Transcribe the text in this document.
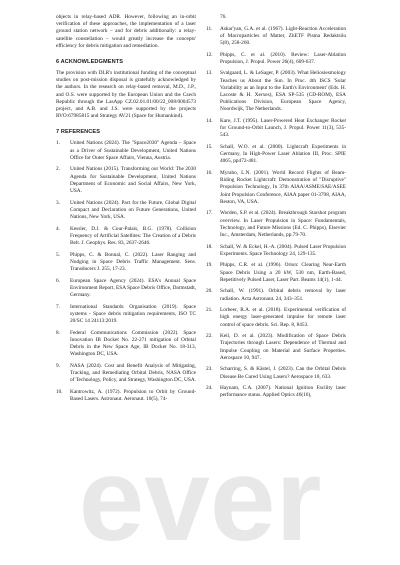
ever

objects in relay-based ADR. However, following an in-orbit verification of these approaches, the implementation of a laser ground station network – and for debris additionally: a relay-satellite constellation – would greatly increase the concepts' efficiency for debris mitigation and remediation.

6 ACKNOWLEDGMENTS

The provision with DLR's institutional funding of the conceptual studies on post-mission disposal is gratefully acknowledged by the authors. In the research on relay-based removal, M.D., J.P., and O.S. were supported by the European Union and the Czech Republic through the LasApp CZ.02.01.01/00/22_008/0004573 project, and A.B. and J.S. were supported by the projects RVO:67985815 and Strategy AV21 (Space for Humankind).

7 REFERENCES
1.	United Nations (2024). The "Space2030" Agenda – Space as a Driver of Sustainable Development, United Nations Office for Outer Space Affairs, Vienna, Austria.
2.	United Nations (2015). Transforming our World: The 2030 Agenda for Sustainable Development, United Nations Department of Economic and Social Affairs, New York, USA.
3.	United Nations (2024). Pact for the Future, Global Digital Compact and Declaration on Future Generations, United Nations, New York, USA.
4.	Kessler, D.J. & Cour-Palais, B.G. (1978). Collision Frequency of Artificial Satellites: The Creation of a Debris Belt. J. Geophys. Res. 83, 2637-2646.
5.	Phipps, C. & Bonnal, C. (2022). Laser Ranging and Nudging in Space Debris Traffic Management. Sens. Transducers J. 255, 17-23.
6.	European Space Agency (2024). ESA's Annual Space Environment Report, ESA Space Debris Office, Darmstadt, Germany.
7.	International Standards Organisation (2019). Space systems - Space debris mitigation requirements, ISO TC 20/SC 14 24113:2019.
8.	Federal Communications Commission (2022). Space Innovation IB Docket No. 22-271 mitigation of Orbital Debris in the New Space Age, IB Docket No. 18-313, Washington DC, USA.
9.	NASA (2024). Cost and Benefit Analysis of Mitigating, Tracking, and Remediating Orbital Debris, NASA Office of Technology, Policy, and Strategy, Washington DC, USA.
10.	Kantrowitz, A. (1972). Propulsion to Orbit by Ground-Based Lasers. Astronaut. Aeronaut. 10(5), 74-
76.
11.	Askar'yan, G.A. et al. (1967). Light-Reaction Acceleration of Macroparticles of Matter, ZhETF Pisma Redaktsiiu 5(8), 258-260.
12.	Phipps, C. et al. (2010). Review: Laser-Ablation Propulsion, J. Propul. Power 26(4), 609-637.
13.	Svalgaard, L. & LeSager, P. (2003). What Heliosiesmology Teaches us About the Sun. In Proc. 4th ISCS 'Solar Variability as an Input to the Earth's Environment' (Eds. H. Lacoste & H. Xerxes), ESA SP-535 (CD-ROM), ESA Publications Division, European Space Agency, Noordwijk, The Netherlands.
14.	Kare, J.T. (1995). Laser-Powered Heat Exchanger Rocket for Ground-to-Orbit Launch, J. Propul. Power 11(3), 535-543.
15.	Schall, W.O. et al. (2000). Lightcraft Experiments in Germany, In High-Power Laser Ablation III, Proc. SPIE 4065, pp472-481.
16.	Myrabo, L.N. (2001). World Record Flights of Beam-Riding Rocket Lightcraft: Demonstration of "Disruptive" Propulsion Technology, In 37th AIAA/ASME/SAE/ASEE Joint Propulsion Conference, AIAA paper 01-3798, AIAA, Reston, VA, USA.
17.	Worden, S.P. et al. (2024). Breakthrough Starshot program overview. In Laser Propulsion in Space: Fundamentals, Technology, and Future Missions (Ed. C. Phipps), Elsevier Inc., Amsterdam, Netherlands, pp.79-70.
18.	Schall, W. & Eckel, H.-A. (2004). Pulsed Laser Propulsion Experiments. Space Technology 24, 129-135.
19.	Phipps, C.R. et al. (1996). Orion: Clearing Near-Earth Space Debris Using a 20 kW, 530 nm, Earth-Based, Repetitively Pulsed Laser, Laser Part. Beams 14(1), 1-44.
20.	Schall, W. (1991). Orbital debris removal by laser radiation. Acta Astronaut. 24, 343–351.
21.	Lorbeer, R.A. et al. (2018). Experimental verification of high energy laser-generated impulse for remote laser control of space debris. Sci. Rep. 8, 8453.
22.	Keil, D. et al. (2023). Modification of Space Debris Trajectories through Lasers: Dependence of Thermal and Impulse Coupling on Material and Surface Properties. Aerospace 10, 947.
23.	Scharring, S. & Kästel, J. (2023). Can the Orbital Debris Disease Be Cured Using Lasers? Aerospace 10, 633.
24.	Haynam, C.A. (2007). National Ignition Facility laser performance status. Applied Optics 46(16),
